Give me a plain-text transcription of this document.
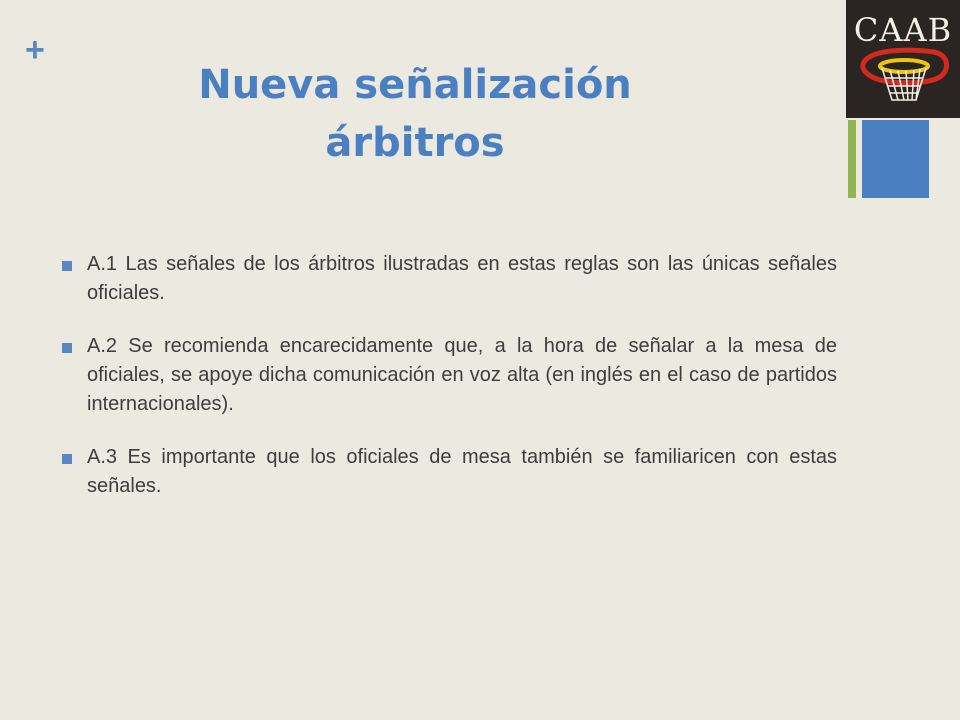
+
Nueva señalización
árbitros
CAAB
A.1 Las señales de los árbitros ilustradas en estas reglas son las únicas señales oficiales.
A.2 Se recomienda encarecidamente que, a la hora de señalar a la mesa de oficiales, se apoye dicha comunicación en voz alta (en inglés en el caso de partidos internacionales).
A.3 Es importante que los oficiales de mesa también se familiaricen con estas señales.
